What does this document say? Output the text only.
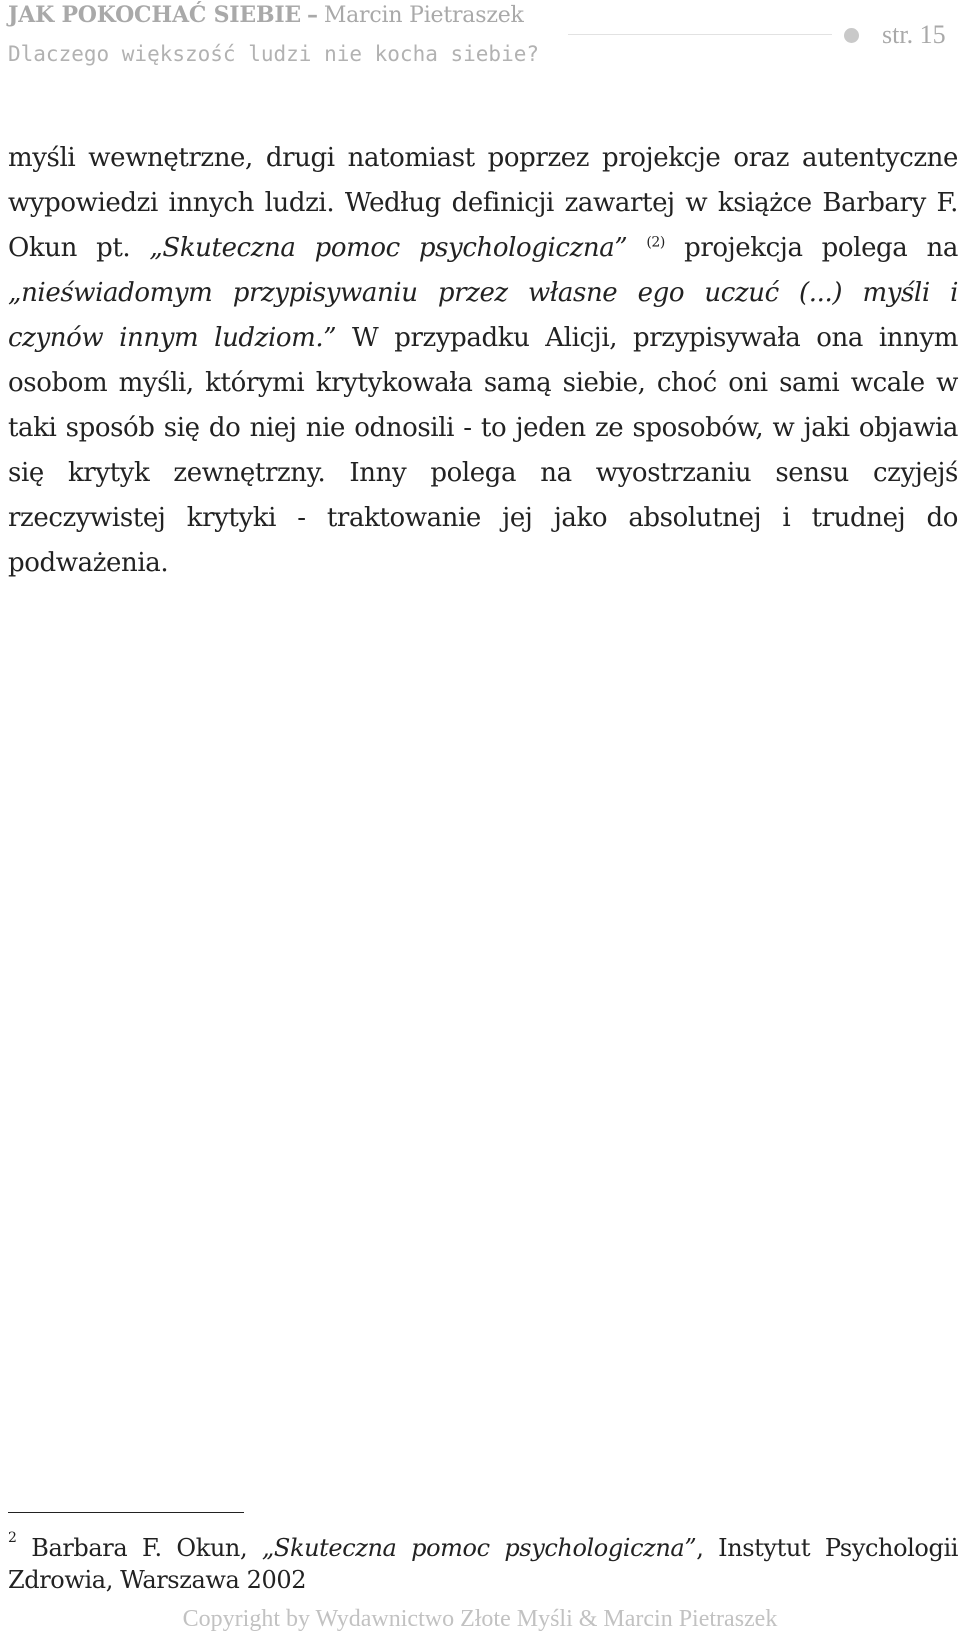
JAK POKOCHAĆ SIEBIE – Marcin Pietraszek
Dlaczego większość ludzi nie kocha siebie?
str. 15

myśli wewnętrzne, drugi natomiast poprzez projekcje oraz autentyczne wypowiedzi innych ludzi. Według definicji zawartej w książce Barbary F. Okun pt. „Skuteczna pomoc psychologiczna” $^{(2)}$ projekcja polega na „nieświadomym przypisywaniu przez własne ego uczuć (...) myśli i czynów innym ludziom.” W przypadku Alicji, przypisywała ona innym osobom myśli, którymi krytykowała samą siebie, choć oni sami wcale w taki sposób się do niej nie odnosili - to jeden ze sposobów, w jaki objawia się krytyk zewnętrzny. Inny polega na wyostrzaniu sensu czyjejś rzeczywistej krytyki - traktowanie jej jako absolutnej i trudnej do podważenia.

$^2$ Barbara F. Okun, „Skuteczna pomoc psychologiczna”, Instytut Psychologii Zdrowia, Warszawa 2002

Copyright by Wydawnictwo Złote Myśli & Marcin Pietraszek
